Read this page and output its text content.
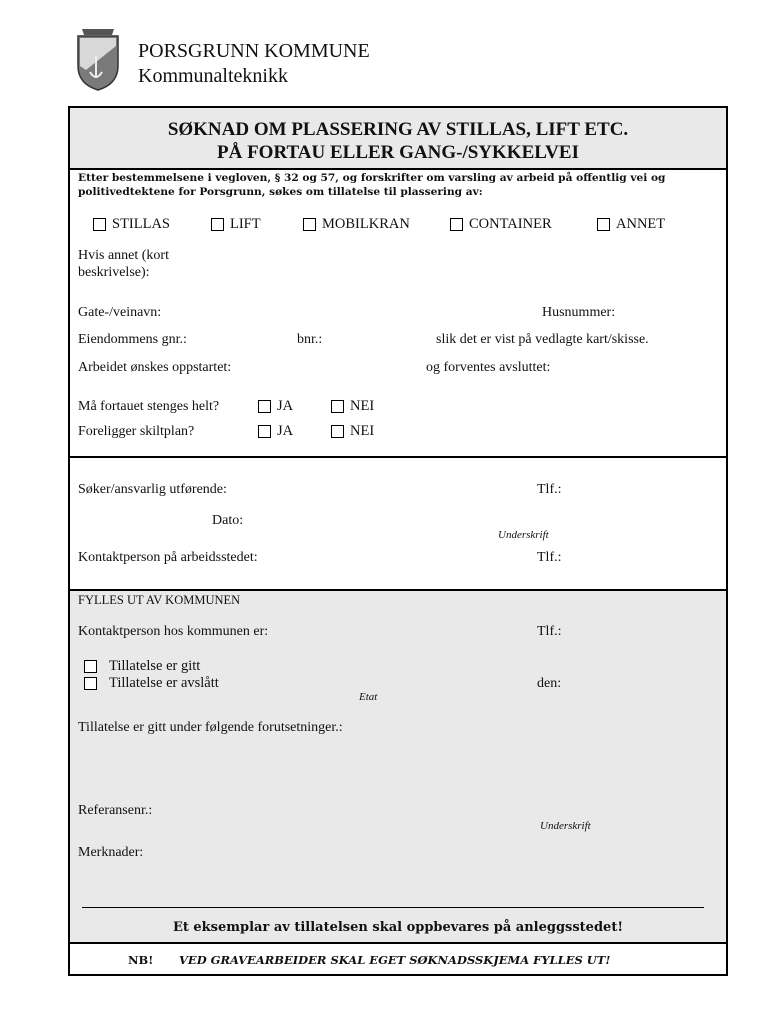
PORSGRUNN KOMMUNE
Kommunalteknikk
SØKNAD OM PLASSERING AV STILLAS, LIFT ETC.
PÅ FORTAU ELLER GANG-/SYKKELVEI
Etter bestemmelsene i vegloven, § 32 og 57, og forskrifter om varsling av arbeid på offentlig vei og politivedtektene for Porsgrunn, søkes om tillatelse til plassering av:
STILLAS	LIFT	MOBILKRAN	CONTAINER	ANNET
Hvis annet (kort
beskrivelse):
Gate-/veinavn:	Husnummer:
Eiendommens gnr.:	bnr.:	slik det er vist på vedlagte kart/skisse.
Arbeidet ønskes oppstartet:	og forventes avsluttet:
Må fortauet stenges helt?	JA	NEI
Foreligger skiltplan?	JA	NEI
Søker/ansvarlig utførende:	Tlf.:
Dato:
Underskrift
Kontaktperson på arbeidsstedet:	Tlf.:
FYLLES UT AV KOMMUNEN
Kontaktperson hos kommunen er:	Tlf.:
Tillatelse er gitt
Tillatelse er avslått	den:
Etat
Tillatelse er gitt under følgende forutsetninger.:
Referansenr.:
Underskrift
Merknader:
Et eksemplar av tillatelsen skal oppbevares på anleggsstedet!
NB! VED GRAVEARBEIDER SKAL EGET SØKNADSSKJEMA FYLLES UT!
